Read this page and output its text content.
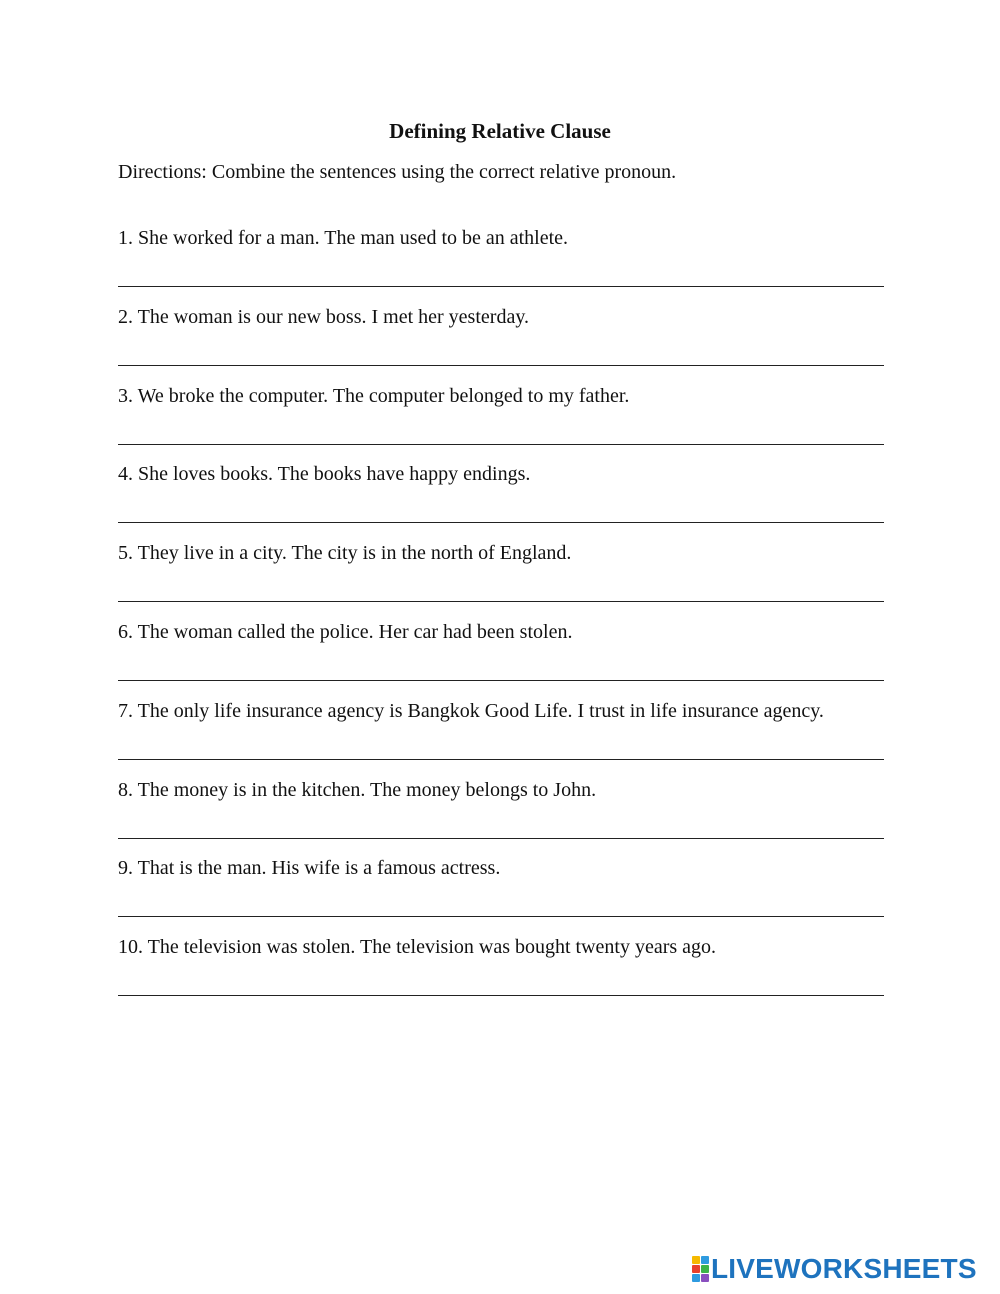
Defining Relative Clause
Directions: Combine the sentences using the correct relative pronoun.
1. She worked for a man. The man used to be an athlete.
2. The woman is our new boss. I met her yesterday.
3. We broke the computer. The computer belonged to my father.
4. She loves books. The books have happy endings.
5. They live in a city. The city is in the north of England.
6. The woman called the police. Her car had been stolen.
7. The only life insurance agency is Bangkok Good Life. I trust in life insurance agency.
8. The money is in the kitchen. The money belongs to John.
9. That is the man. His wife is a famous actress.
10. The television was stolen. The television was bought twenty years ago.
LIVEWORKSHEETS
